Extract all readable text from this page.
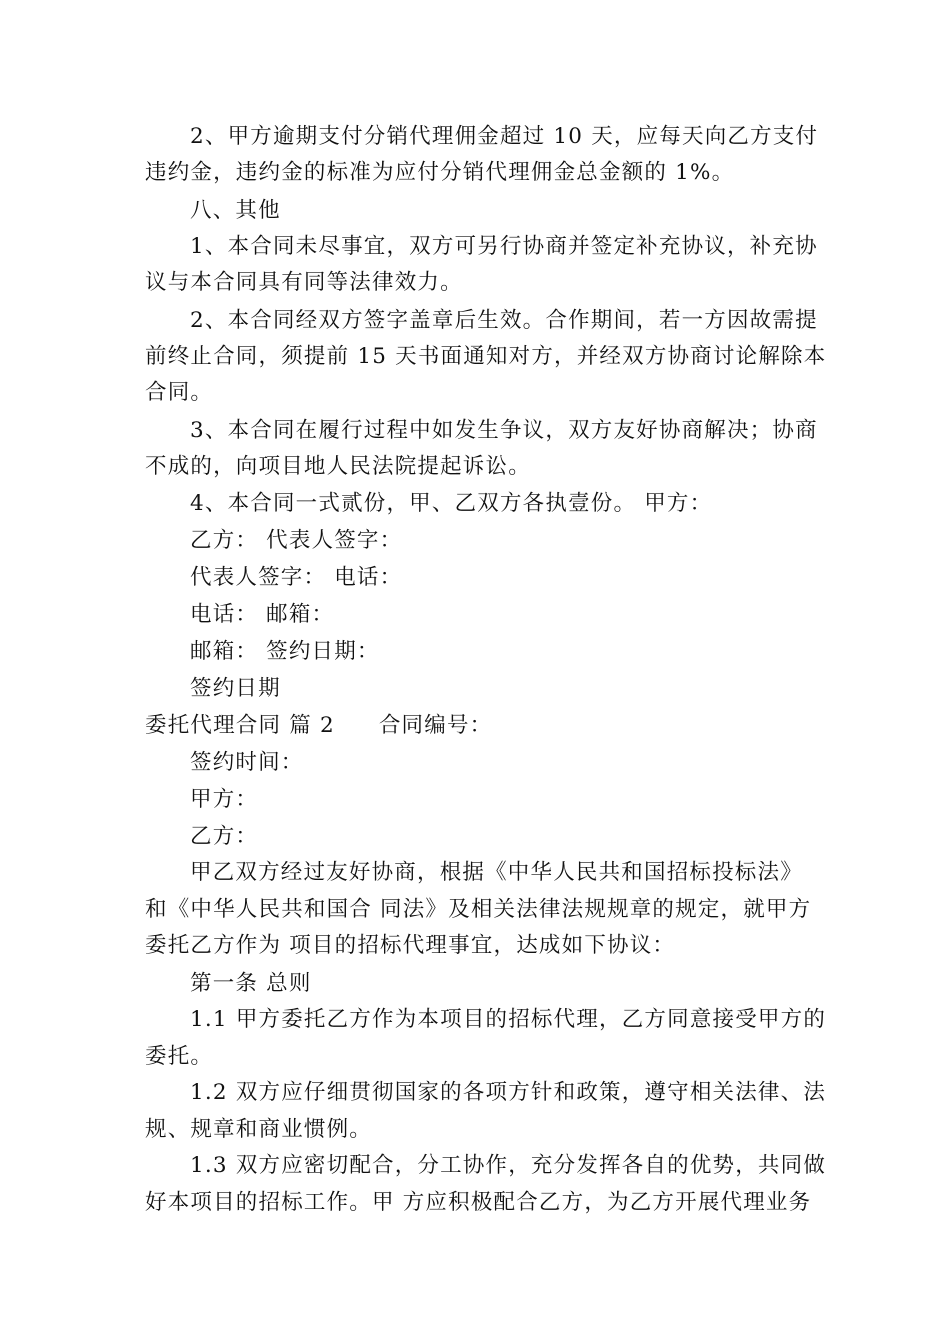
2、甲方逾期支付分销代理佣金超过 10 天，应每天向乙方支付
违约金，违约金的标准为应付分销代理佣金总金额的 1%。
八、其他
1、本合同未尽事宜，双方可另行协商并签定补充协议，补充协
议与本合同具有同等法律效力。
2、本合同经双方签字盖章后生效。合作期间，若一方因故需提
前终止合同，须提前 15 天书面通知对方，并经双方协商讨论解除本
合同。
3、本合同在履行过程中如发生争议，双方友好协商解决；协商
不成的，向项目地人民法院提起诉讼。
4、本合同一式贰份，甲、乙双方各执壹份。 甲方：
乙方： 代表人签字：
代表人签字： 电话：
电话： 邮箱：
邮箱： 签约日期：
签约日期
委托代理合同 篇 2 合同编号：
签约时间：
甲方：
乙方：
甲乙双方经过友好协商，根据《中华人民共和国招标投标法》
和《中华人民共和国合 同法》及相关法律法规规章的规定，就甲方
委托乙方作为 项目的招标代理事宜，达成如下协议：
第一条 总则
1.1 甲方委托乙方作为本项目的招标代理，乙方同意接受甲方的
委托。
1.2 双方应仔细贯彻国家的各项方针和政策，遵守相关法律、法
规、规章和商业惯例。
1.3 双方应密切配合，分工协作，充分发挥各自的优势，共同做
好本项目的招标工作。甲 方应积极配合乙方，为乙方开展代理业务
